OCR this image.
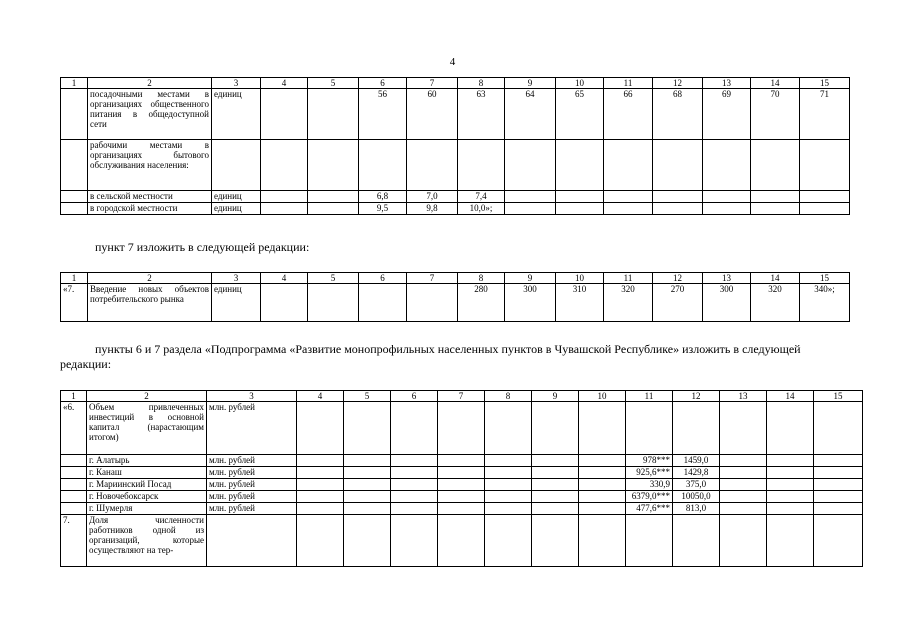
4
1	2	3	4	5	6	7	8	9	10	11	12	13	14	15
	посадочными местами в организациях общественного питания в общедоступной сети	единиц			56	60	63	64	65	66	68	69	70	71
	рабочими местами в организациях бытового обслуживания населения:													
	в сельской местности	единиц			6,8	7,0	7,4							
	в городской местности	единиц			9,5	9,8	10,0»;							
пункт 7 изложить в следующей редакции:
1	2	3	4	5	6	7	8	9	10	11	12	13	14	15
«7.	Введение новых объектов потребительского рынка	единиц					280	300	310	320	270	300	320	340»;
пункты 6 и 7 раздела «Подпрограмма «Развитие монопрофильных населенных пунктов в Чувашской Республике» изложить в следующей редакции:
1	2	3	4	5	6	7	8	9	10	11	12	13	14	15
«6.	Объем привлеченных инвестиций в основной капитал (нарастающим итогом)	млн. рублей												
	г. Алатырь	млн. рублей								978***	1459,0			
	г. Канаш	млн. рублей								925,6***	1429,8			
	г. Мариинский Посад	млн. рублей								330,9	375,0			
	г. Новочебоксарск	млн. рублей								6379,0***	10050,0			
	г. Шумерля	млн. рублей								477,6***	813,0			
7.	Доля численности работников одной из организаций, которые осуществляют на тер-													
